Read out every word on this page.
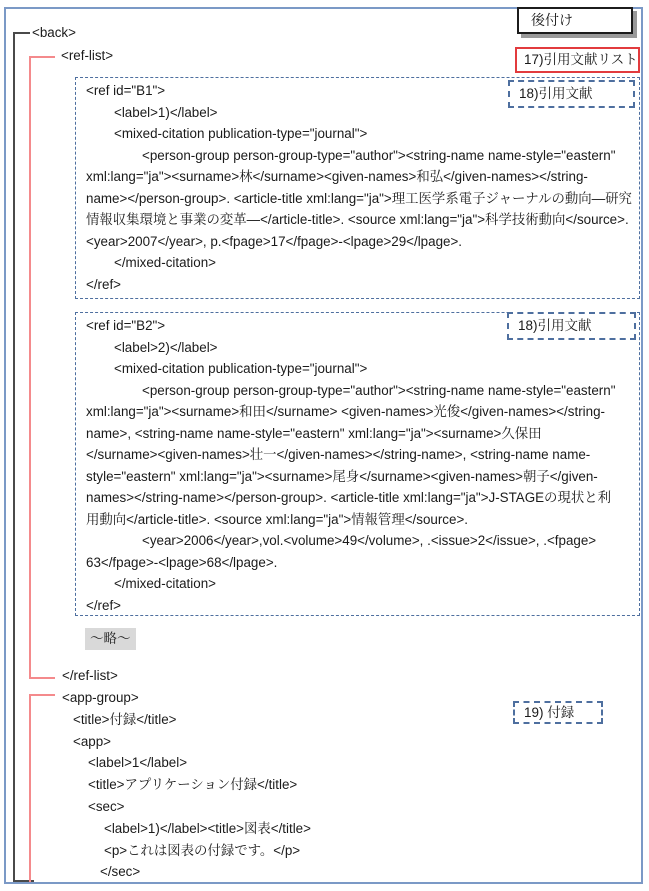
後付け
<back>
<ref-list>
</ref-list>
17)引用文献リスト
<ref id="B1">
<label>1)</label>
<mixed-citation publication-type="journal">
<person-group person-group-type="author"><string-name name-style="eastern"
xml:lang="ja"><surname>林</surname><given-names>和弘</given-names></string-
name></person-group>. <article-title xml:lang="ja">理工医学系電子ジャーナルの動向―研究
情報収集環境と事業の変革―</article-title>. <source xml:lang="ja">科学技術動向</source>.
<year>2007</year>, p.<fpage>17</fpage>-<lpage>29</lpage>.
</mixed-citation>
</ref>
18)引用文献
<ref id="B2">
<label>2)</label>
<mixed-citation publication-type="journal">
<person-group person-group-type="author"><string-name name-style="eastern"
xml:lang="ja"><surname>和田</surname> <given-names>光俊</given-names></string-
name>, <string-name name-style="eastern" xml:lang="ja"><surname>久保田
</surname><given-names>壮一</given-names></string-name>, <string-name name-
style="eastern" xml:lang="ja"><surname>尾身</surname><given-names>朝子</given-
names></string-name></person-group>. <article-title xml:lang="ja">J-STAGEの現状と利
用動向</article-title>. <source xml:lang="ja">情報管理</source>.
<year>2006</year>,vol.<volume>49</volume>, .<issue>2</issue>, .<fpage>
63</fpage>-<lpage>68</lpage>.
</mixed-citation>
</ref>
18)引用文献
〜略〜
19) 付録
<app-group>
<title>付録</title>
<app>
<label>1</label>
<title>アプリケーション付録</title>
<sec>
<label>1)</label><title>図表</title>
<p>これは図表の付録です。</p>
</sec>
